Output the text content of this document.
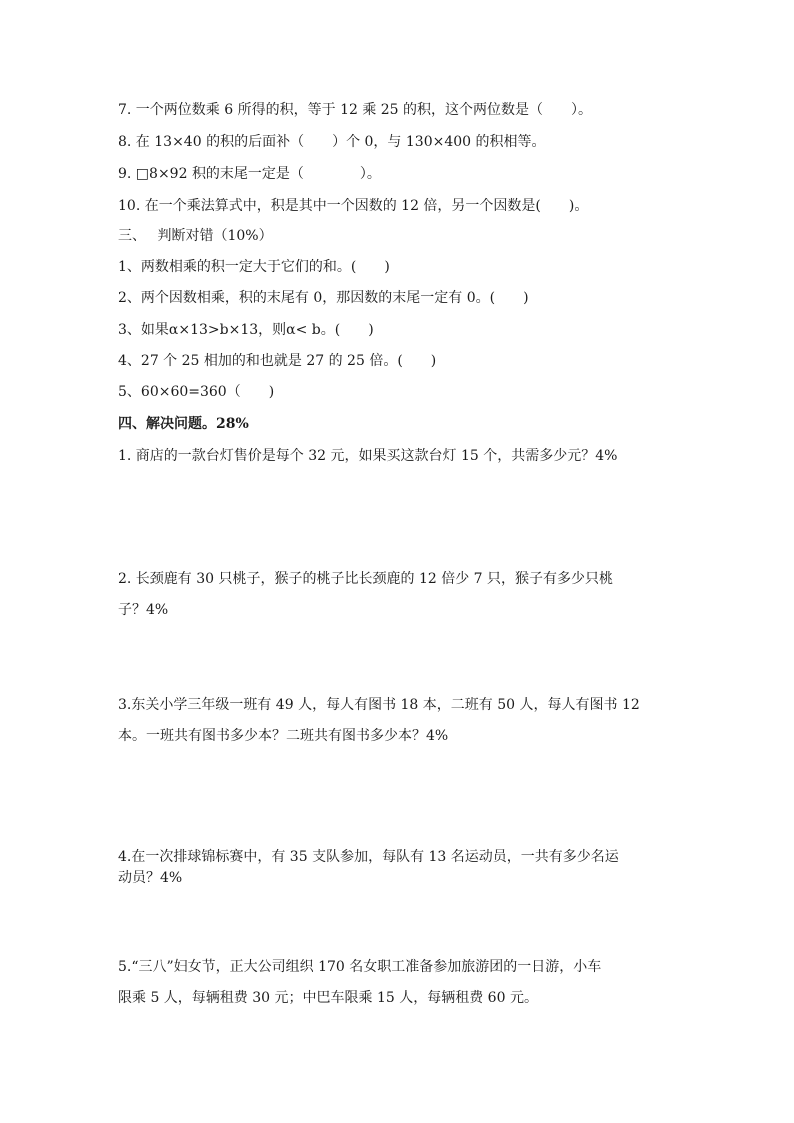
7. 一个两位数乘 6 所得的积，等于 12 乘 25 的积，这个两位数是（　　）。
8. 在 13×40 的积的后面补（　　）个 0，与 130×400 的积相等。
9. □8×92 积的末尾一定是（　　　　）。
10. 在一个乘法算式中，积是其中一个因数的 12 倍，另一个因数是(　　)。
三、　 判断对错（10%）
1、两数相乘的积一定大于它们的和。(　　)
2、两个因数相乘，积的末尾有 0，那因数的末尾一定有 0。(　　)
3、如果α×13>b×13，则α< b。(　　)
4、27 个 25 相加的和也就是 27 的 25 倍。(　　)
5、60×60=360（　　)
四、解决问题。28%
1. 商店的一款台灯售价是每个 32 元，如果买这款台灯 15 个，共需多少元？4%
2. 长颈鹿有 30 只桃子，猴子的桃子比长颈鹿的 12 倍少 7 只，猴子有多少只桃
子？4%
3.东关小学三年级一班有 49 人，每人有图书 18 本，二班有 50 人，每人有图书 12
本。一班共有图书多少本？二班共有图书多少本？4%
4.在一次排球锦标赛中，有 35 支队参加，每队有 13 名运动员，一共有多少名运
动员？4%
5.“三八”妇女节，正大公司组织 170 名女职工准备参加旅游团的一日游，小车
限乘 5 人，每辆租费 30 元；中巴车限乘 15 人，每辆租费 60 元。
